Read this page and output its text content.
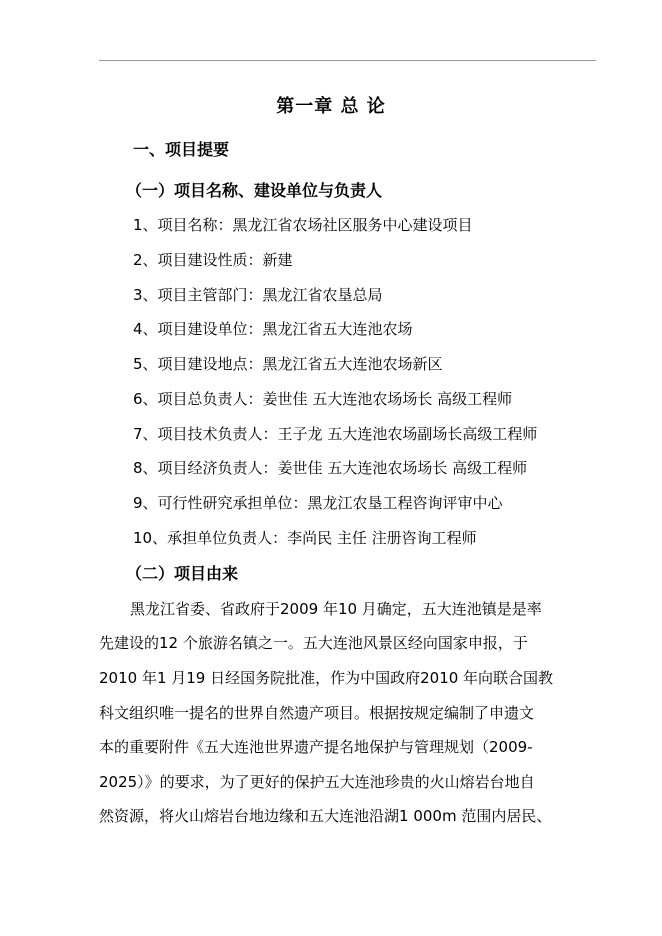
第一章 总 论
一、项目提要
（一）项目名称、建设单位与负责人
1、项目名称：黑龙江省农场社区服务中心建设项目
2、项目建设性质：新建
3、项目主管部门：黑龙江省农垦总局
4、项目建设单位：黑龙江省五大连池农场
5、项目建设地点：黑龙江省五大连池农场新区
6、项目总负责人：姜世佳 五大连池农场场长 高级工程师
7、项目技术负责人：王子龙 五大连池农场副场长高级工程师
8、项目经济负责人：姜世佳 五大连池农场场长 高级工程师
9、可行性研究承担单位：黑龙江农垦工程咨询评审中心
10、承担单位负责人：李尚民 主任 注册咨询工程师
（二）项目由来
黑龙江省委、省政府于2009 年10 月确定，五大连池镇是是率
先建设的12 个旅游名镇之一。五大连池风景区经向国家申报，于
2010 年1 月19 日经国务院批准，作为中国政府2010 年向联合国教
科文组织唯一提名的世界自然遗产项目。根据按规定编制了申遗文
本的重要附件《五大连池世界遗产提名地保护与管理规划（2009-
2025）》的要求，为了更好的保护五大连池珍贵的火山熔岩台地自
然资源，将火山熔岩台地边缘和五大连池沿湖1 000m 范围内居民、
